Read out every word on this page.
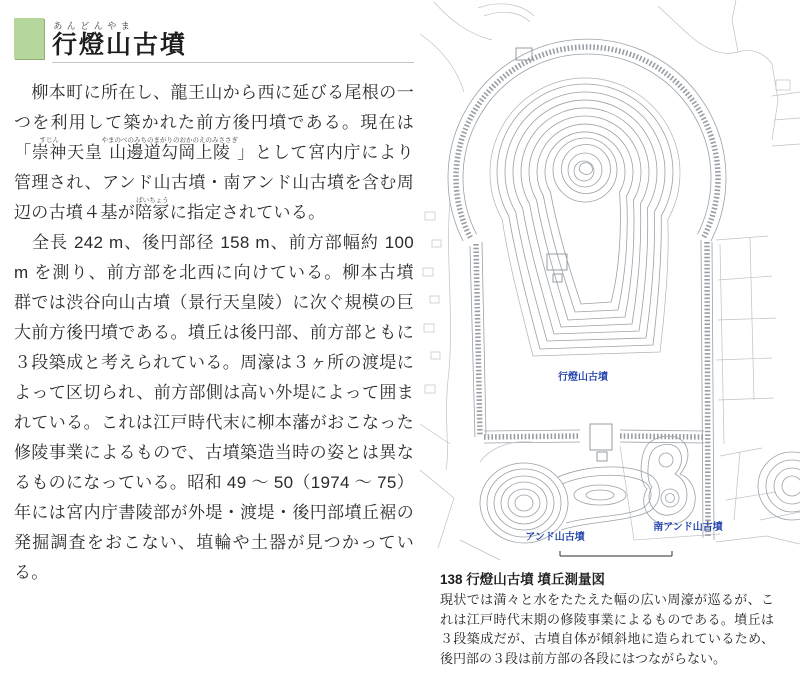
行燈山あんどんやま古墳

　柳本町に所在し、龍王山から西に延びる尾根の一つを利用して築かれた前方後円墳である。現在は「崇神すじん天皇山邊道勾岡上陵やまのべのみちのまがりのおかのえのみささぎ」として宮内庁により管理され、アンド山古墳・南アンド山古墳を含む周辺の古墳４基が陪冢ばいちょうに指定されている。

　全長 242 m、後円部径 158 m、前方部幅約 100 m を測り、前方部を北西に向けている。柳本古墳群では渋谷向山古墳（景行天皇陵）に次ぐ規模の巨大前方後円墳である。墳丘は後円部、前方部ともに３段築成と考えられている。周濠は３ヶ所の渡堤によって区切られ、前方部側は高い外堤によって囲まれている。これは江戸時代末に柳本藩がおこなった修陵事業によるもので、古墳築造当時の姿とは異なるものになっている。昭和 49 ～ 50（1974 ～ 75）年には宮内庁書陵部が外堤・渡堤・後円部墳丘裾の発掘調査をおこない、埴輪や土器が見つかっている。

行燈山古墳
アンド山古墳
南アンド山古墳
138 行燈山古墳 墳丘測量図
現状では満々と水をたたえた幅の広い周濠が巡るが、これは江戸時代末期の修陵事業によるものである。墳丘は３段築成だが、古墳自体が傾斜地に造られているため、後円部の３段は前方部の各段にはつながらない。
